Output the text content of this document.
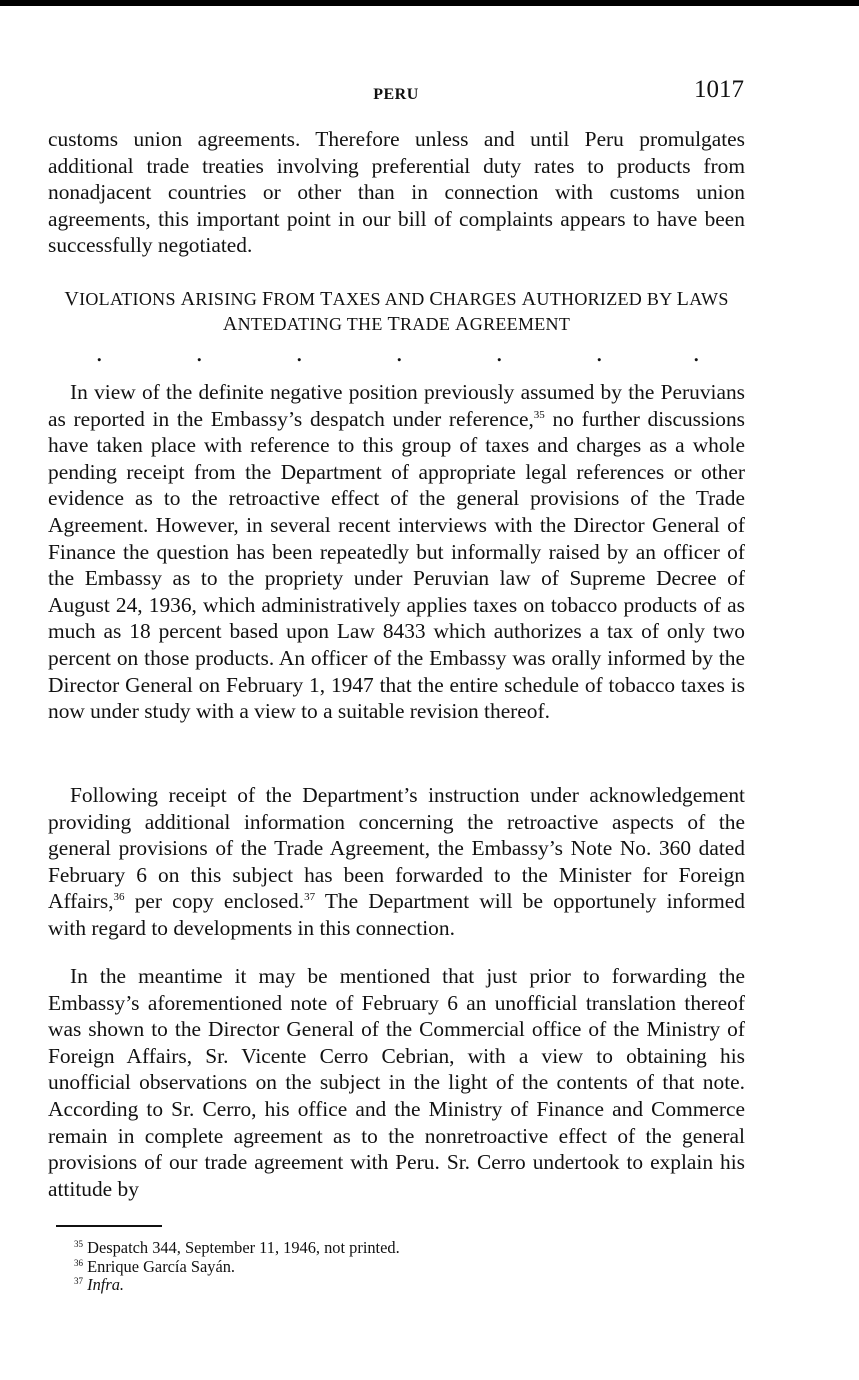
PERU	1017

customs union agreements. Therefore unless and until Peru promulgates additional trade treaties involving preferential duty rates to products from nonadjacent countries or other than in connection with customs union agreements, this important point in our bill of complaints appears to have been successfully negotiated.

VIOLATIONS ARISING FROM TAXES AND CHARGES AUTHORIZED BY LAWS
ANTEDATING THE TRADE AGREEMENT
.	.	.	.	.	.	.

In view of the definite negative position previously assumed by the Peruvians as reported in the Embassy’s despatch under reference,$^{35}$ no further discussions have taken place with reference to this group of taxes and charges as a whole pending receipt from the Department of appropriate legal references or other evidence as to the retroactive effect of the general provisions of the Trade Agreement. However, in several recent interviews with the Director General of Finance the question has been repeatedly but informally raised by an officer of the Embassy as to the propriety under Peruvian law of Supreme Decree of August 24, 1936, which administratively applies taxes on tobacco products of as much as 18 percent based upon Law 8433 which authorizes a tax of only two percent on those products. An officer of the Embassy was orally informed by the Director General on February 1, 1947 that the entire schedule of tobacco taxes is now under study with a view to a suitable revision thereof.

Following receipt of the Department’s instruction under acknowledgement providing additional information concerning the retroactive aspects of the general provisions of the Trade Agreement, the Embassy’s Note No. 360 dated February 6 on this subject has been forwarded to the Minister for Foreign Affairs,$^{36}$ per copy enclosed.$^{37}$ The Department will be opportunely informed with regard to developments in this connection.

In the meantime it may be mentioned that just prior to forwarding the Embassy’s aforementioned note of February 6 an unofficial translation thereof was shown to the Director General of the Commercial office of the Ministry of Foreign Affairs, Sr. Vicente Cerro Cebrian, with a view to obtaining his unofficial observations on the subject in the light of the contents of that note. According to Sr. Cerro, his office and the Ministry of Finance and Commerce remain in complete agreement as to the nonretroactive effect of the general provisions of our trade agreement with Peru. Sr. Cerro undertook to explain his attitude by

$^{35}$ Despatch 344, September 11, 1946, not printed.
$^{36}$ Enrique García Sayán.
$^{37}$ Infra.
